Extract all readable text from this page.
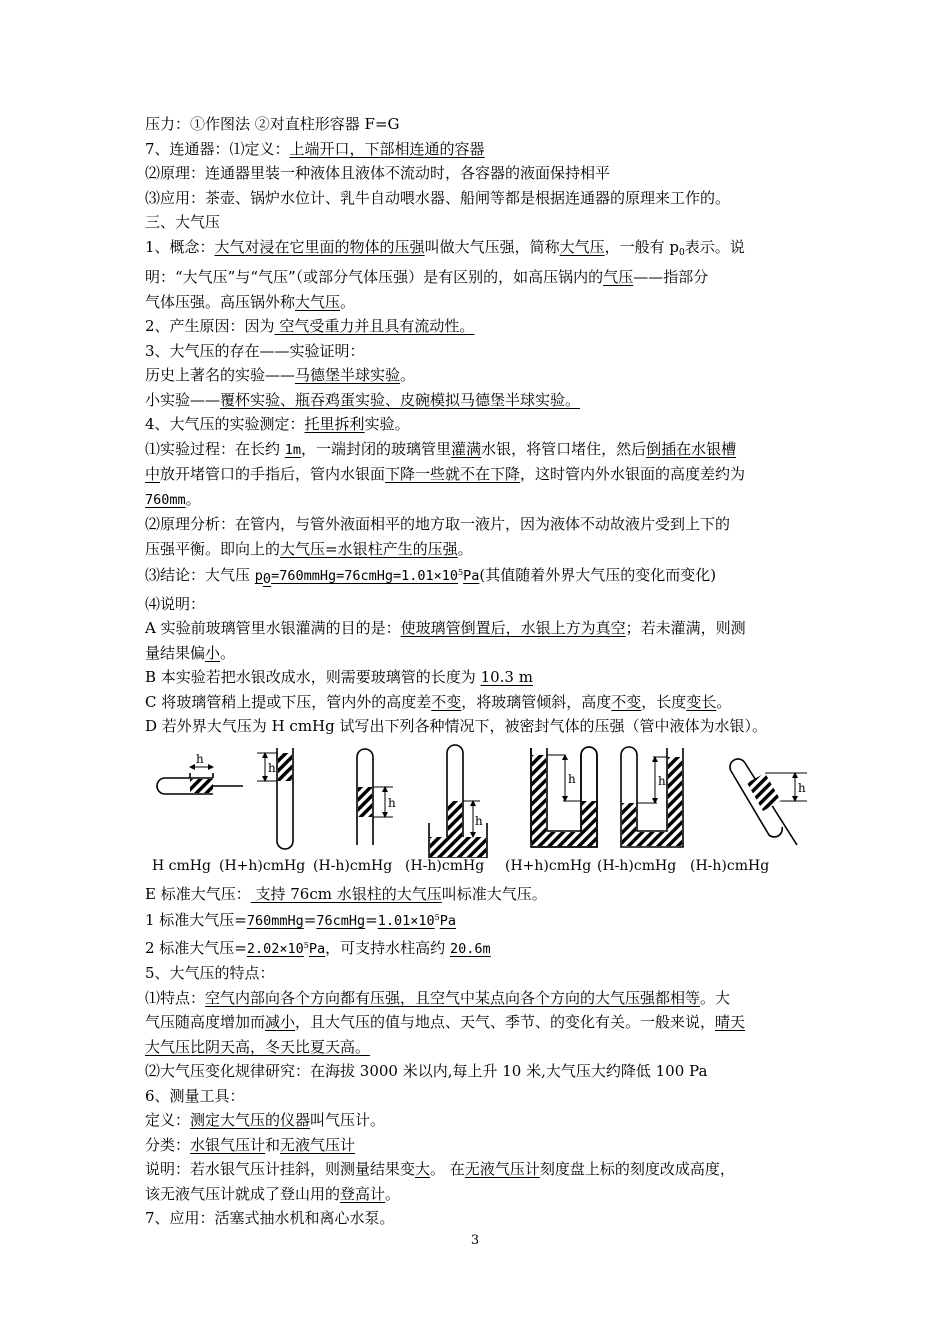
压力：①作图法 ②对直柱形容器 F=G
7、连通器：⑴定义：上端开口，下部相连通的容器
⑵原理：连通器里装一种液体且液体不流动时，各容器的液面保持相平
⑶应用：茶壶、锅炉水位计、乳牛自动喂水器、船闸等都是根据连通器的原理来工作的。
三、大气压
1、概念：大气对浸在它里面的物体的压强叫做大气压强，简称大气压，一般有 $p_0$表示。说
明：“大气压”与“气压”（或部分气体压强）是有区别的，如高压锅内的气压——指部分
气体压强。高压锅外称大气压。
2、产生原因：因为 空气受重力并且具有流动性。
3、大气压的存在——实验证明：
历史上著名的实验——马德堡半球实验。
小实验——覆杯实验、瓶吞鸡蛋实验、皮碗模拟马德堡半球实验。
4、大气压的实验测定：托里拆利实验。
⑴实验过程：在长约 1m，一端封闭的玻璃管里灌满水银，将管口堵住，然后倒插在水银槽
中放开堵管口的手指后，管内水银面下降一些就不在下降，这时管内外水银面的高度差约为
760mm。
⑵原理分析：在管内，与管外液面相平的地方取一液片，因为液体不动故液片受到上下的
压强平衡。即向上的大气压=水银柱产生的压强。
⑶结论：大气压 $p0=760mmHg=76cmHg=1.01\times 10^5Pa$(其值随着外界大气压的变化而变化)
⑷说明：
A 实验前玻璃管里水银灌满的目的是：使玻璃管倒置后，水银上方为真空；若未灌满，则测
量结果偏小。
B 本实验若把水银改成水，则需要玻璃管的长度为 10.3 m
C 将玻璃管稍上提或下压，管内外的高度差不变，将玻璃管倾斜，高度不变，长度变长。
D 若外界大气压为 H cmHg 试写出下列各种情况下，被密封气体的压强（管中液体为水银）。
h
h
h
h
h	h	h
H cmHg (H+h)cmHg (H-h)cmHg (H-h)cmHg (H+h)cmHg (H-h)cmHg (H-h)cmHg
E 标准大气压： 支持 76cm 水银柱的大气压叫标准大气压。
1 标准大气压$=760mmHg=76cmHg=1.01\times 10^5Pa$
2 标准大气压$=2.02\times 10^5Pa$，可支持水柱高约 20.6m
5、大气压的特点：
⑴特点：空气内部向各个方向都有压强，且空气中某点向各个方向的大气压强都相等。大
气压随高度增加而减小，且大气压的值与地点、天气、季节、的变化有关。一般来说，晴天
大气压比阴天高，冬天比夏天高。
⑵大气压变化规律研究：在海拔 3000 米以内,每上升 10 米,大气压大约降低 100 Pa
6、测量工具：
定义：测定大气压的仪器叫气压计。
分类：水银气压计和无液气压计
说明：若水银气压计挂斜，则测量结果变大。 在无液气压计刻度盘上标的刻度改成高度，
该无液气压计就成了登山用的登高计。
7、应用：活塞式抽水机和离心水泵。
3
